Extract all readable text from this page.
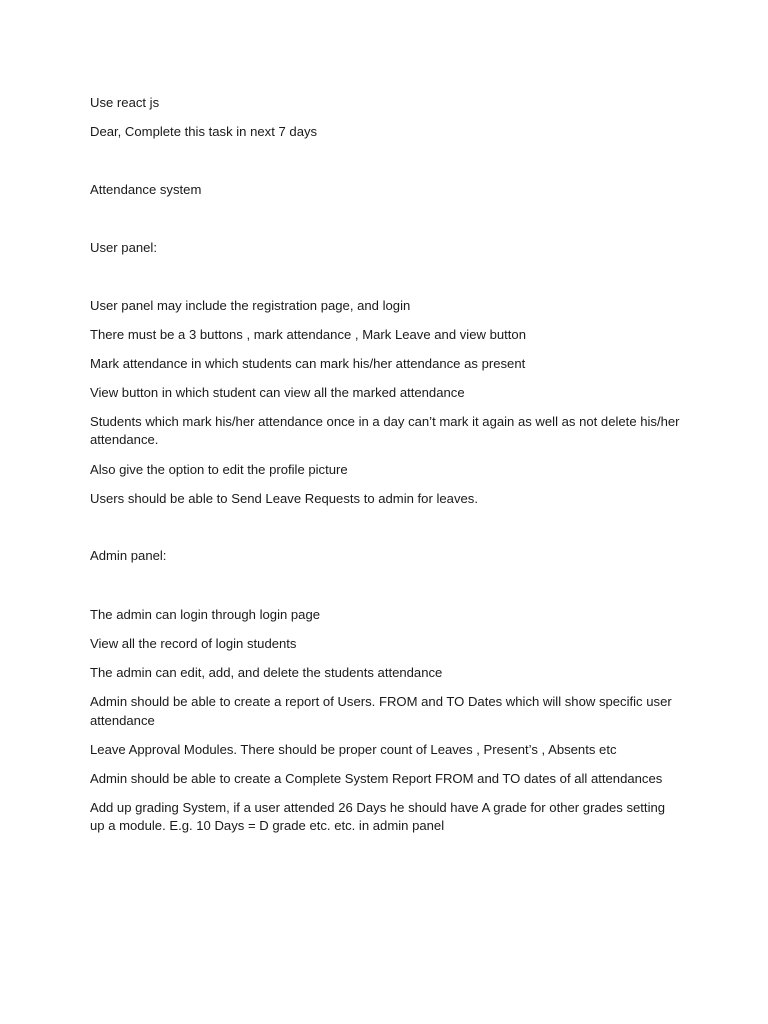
Use react js

Dear, Complete this task in next 7 days

Attendance system

User panel:

User panel may include the registration page, and login

There must be a 3 buttons , mark attendance , Mark Leave and view button

Mark attendance in which students can mark his/her attendance as present

View button in which student can view all the marked attendance

Students which mark his/her attendance once in a day can’t mark it again as well as not delete his/her attendance.

Also give the option to edit the profile picture

Users should be able to Send Leave Requests to admin for leaves.

Admin panel:

The admin can login through login page

View all the record of login students

The admin can edit, add, and delete the students attendance

Admin should be able to create a report of Users. FROM and TO Dates which will show specific user attendance

Leave Approval Modules. There should be proper count of Leaves , Present’s , Absents etc

Admin should be able to create a Complete System Report FROM and TO dates of all attendances

Add up grading System, if a user attended 26 Days he should have A grade for other grades setting up a module. E.g. 10 Days = D grade etc. etc. in admin panel
